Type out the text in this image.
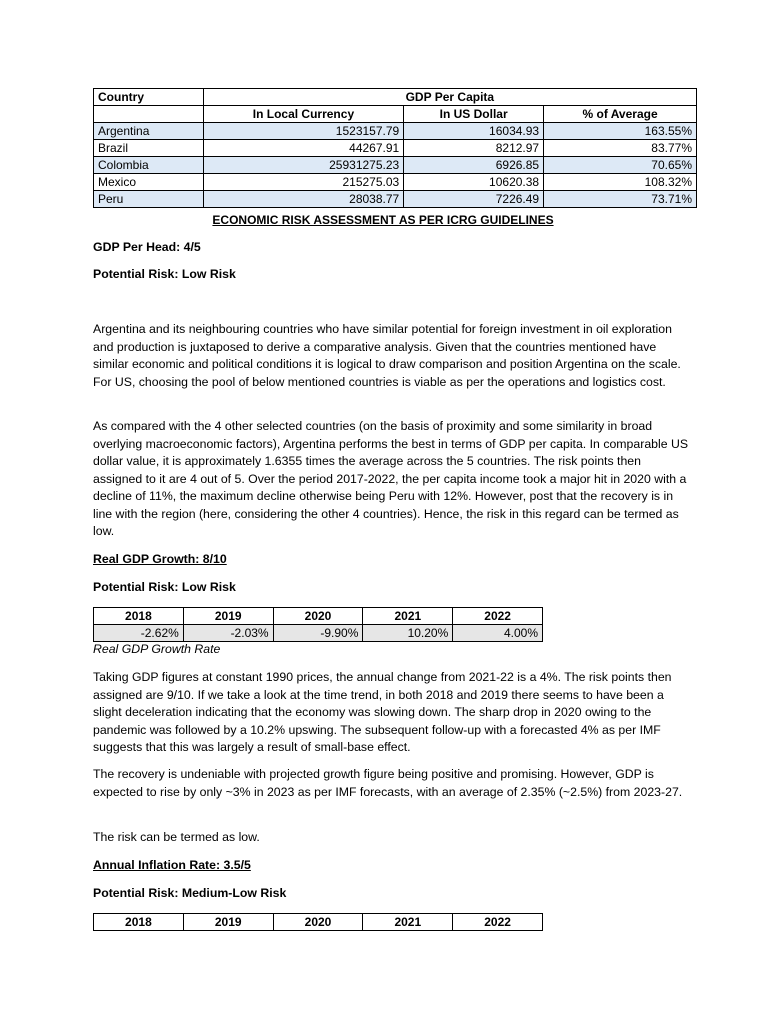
Country	GDP Per Capita		
	In Local Currency	In US Dollar	% of Average
Argentina	1523157.79	16034.93	163.55%
Brazil	44267.91	8212.97	83.77%
Colombia	25931275.23	6926.85	70.65%
Mexico	215275.03	10620.38	108.32%
Peru	28038.77	7226.49	73.71%
ECONOMIC RISK ASSESSMENT AS PER ICRG GUIDELINES

GDP Per Head: 4/5

Potential Risk: Low Risk

Argentina and its neighbouring countries who have similar potential for foreign investment in oil exploration and production is juxtaposed to derive a comparative analysis. Given that the countries mentioned have similar economic and political conditions it is logical to draw comparison and position Argentina on the scale. For US, choosing the pool of below mentioned countries is viable as per the operations and logistics cost.

As compared with the 4 other selected countries (on the basis of proximity and some similarity in broad overlying macroeconomic factors), Argentina performs the best in terms of GDP per capita. In comparable US dollar value, it is approximately 1.6355 times the average across the 5 countries. The risk points then assigned to it are 4 out of 5. Over the period 2017-2022, the per capita income took a major hit in 2020 with a decline of 11%, the maximum decline otherwise being Peru with 12%. However, post that the recovery is in line with the region (here, considering the other 4 countries). Hence, the risk in this regard can be termed as low.

Real GDP Growth: 8/10

Potential Risk: Low Risk

2018	2019	2020	2021	2022
-2.62%	-2.03%	-9.90%	10.20%	4.00%

Real GDP Growth Rate

Taking GDP figures at constant 1990 prices, the annual change from 2021-22 is a 4%. The risk points then assigned are 9/10. If we take a look at the time trend, in both 2018 and 2019 there seems to have been a slight deceleration indicating that the economy was slowing down. The sharp drop in 2020 owing to the pandemic was followed by a 10.2% upswing. The subsequent follow-up with a forecasted 4% as per IMF suggests that this was largely a result of small-base effect.

The recovery is undeniable with projected growth figure being positive and promising. However, GDP is expected to rise by only ~3% in 2023 as per IMF forecasts, with an average of 2.35% (~2.5%) from 2023-27.

The risk can be termed as low.

Annual Inflation Rate: 3.5/5

Potential Risk: Medium-Low Risk

2018	2019	2020	2021	2022
